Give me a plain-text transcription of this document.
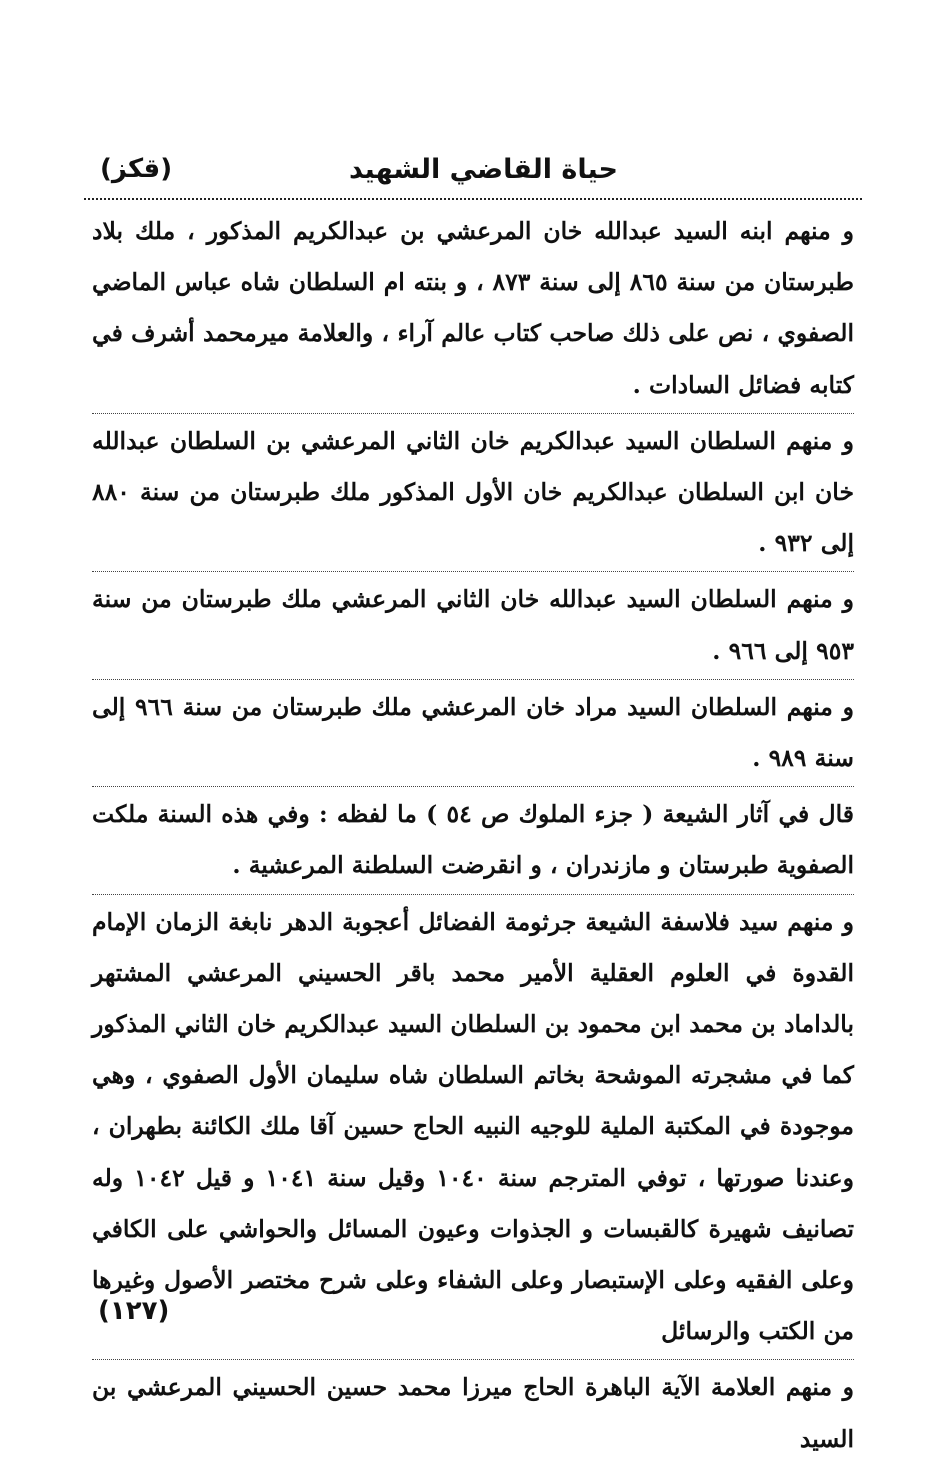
حياة القاضي الشهيد
(قكز)

و منهم ابنه السيد عبدالله خان المرعشي بن عبدالكريم المذكور ، ملك بلاد طبرستان من سنة ٨٦٥ إلى سنة ٨٧٣ ، و بنته ام السلطان شاه عباس الماضي الصفوي ، نص على ذلك صاحب كتاب عالم آراء ، والعلامة ميرمحمد أشرف في كتابه فضائل السادات .

و منهم السلطان السيد عبدالكريم خان الثاني المرعشي بن السلطان عبدالله خان ابن السلطان عبدالكريم خان الأول المذكور ملك طبرستان من سنة ٨٨٠ إلى ٩٣٢ .

و منهم السلطان السيد عبدالله خان الثاني المرعشي ملك طبرستان من سنة ٩٥٣ إلى ٩٦٦ .

و منهم السلطان السيد مراد خان المرعشي ملك طبرستان من سنة ٩٦٦ إلى سنة ٩٨٩ .

قال في آثار الشيعة ( جزء الملوك ص ٥٤ ) ما لفظه : وفي هذه السنة ملكت الصفوية طبرستان و مازندران ، و انقرضت السلطنة المرعشية .

و منهم سيد فلاسفة الشيعة جرثومة الفضائل أعجوبة الدهر نابغة الزمان الإمام القدوة في العلوم العقلية الأمير محمد باقر الحسيني المرعشي المشتهر بالداماد بن محمد ابن محمود بن السلطان السيد عبدالكريم خان الثاني المذكور كما في مشجرته الموشحة بخاتم السلطان شاه سليمان الأول الصفوي ، وهي موجودة في المكتبة الملية للوجيه النبيه الحاج حسين آقا ملك الكائنة بطهران ، وعندنا صورتها ، توفي المترجم سنة ١٠٤٠ وقيل سنة ١٠٤١ و قيل ١٠٤٢ وله تصانيف شهيرة كالقبسات و الجذوات وعيون المسائل والحواشي على الكافي وعلى الفقيه وعلى الإستبصار وعلى الشفاء وعلى شرح مختصر الأصول وغيرها من الكتب والرسائل

و منهم العلامة الآية الباهرة الحاج ميرزا محمد حسين الحسيني المرعشي بن السيد

(١٢٧)
